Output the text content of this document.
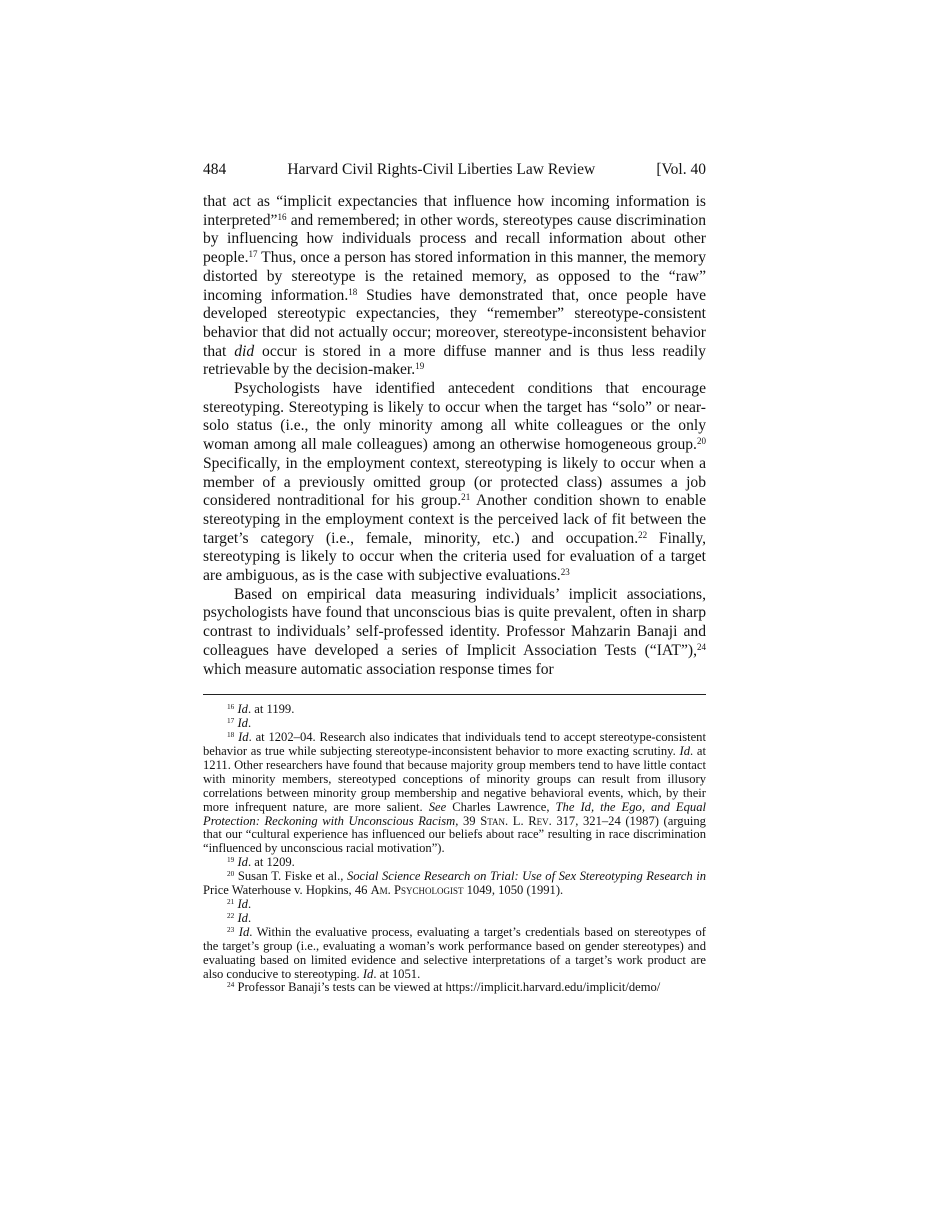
484	Harvard Civil Rights-Civil Liberties Law Review	[Vol. 40

that act as “implicit expectancies that influence how incoming information is interpreted”$^{16}$ and remembered; in other words, stereotypes cause discrimination by influencing how individuals process and recall information about other people.$^{17}$ Thus, once a person has stored information in this manner, the memory distorted by stereotype is the retained memory, as opposed to the “raw” incoming information.$^{18}$ Studies have demonstrated that, once people have developed stereotypic expectancies, they “remember” stereotype-consistent behavior that did not actually occur; moreover, stereotype-inconsistent behavior that did occur is stored in a more diffuse manner and is thus less readily retrievable by the decision-maker.$^{19}$

Psychologists have identified antecedent conditions that encourage stereotyping. Stereotyping is likely to occur when the target has “solo” or near-solo status (i.e., the only minority among all white colleagues or the only woman among all male colleagues) among an otherwise homogeneous group.$^{20}$ Specifically, in the employment context, stereotyping is likely to occur when a member of a previously omitted group (or protected class) assumes a job considered nontraditional for his group.$^{21}$ Another condition shown to enable stereotyping in the employment context is the perceived lack of fit between the target’s category (i.e., female, minority, etc.) and occupation.$^{22}$ Finally, stereotyping is likely to occur when the criteria used for evaluation of a target are ambiguous, as is the case with subjective evaluations.$^{23}$

Based on empirical data measuring individuals’ implicit associations, psychologists have found that unconscious bias is quite prevalent, often in sharp contrast to individuals’ self-professed identity. Professor Mahzarin Banaji and colleagues have developed a series of Implicit Association Tests (“IAT”),$^{24}$ which measure automatic association response times for

$^{16}$ Id. at 1199.

$^{17}$ Id.

$^{18}$ Id. at 1202–04. Research also indicates that individuals tend to accept stereotype-consistent behavior as true while subjecting stereotype-inconsistent behavior to more exacting scrutiny. Id. at 1211. Other researchers have found that because majority group members tend to have little contact with minority members, stereotyped conceptions of minority groups can result from illusory correlations between minority group membership and negative behavioral events, which, by their more infrequent nature, are more salient. See Charles Lawrence, The Id, the Ego, and Equal Protection: Reckoning with Unconscious Racism, 39 Stan. L. Rev. 317, 321–24 (1987) (arguing that our “cultural experience has influenced our beliefs about race” resulting in race discrimination “influenced by unconscious racial motivation”).

$^{19}$ Id. at 1209.

$^{20}$ Susan T. Fiske et al., Social Science Research on Trial: Use of Sex Stereotyping Research in Price Waterhouse v. Hopkins, 46 Am. Psychologist 1049, 1050 (1991).

$^{21}$ Id.

$^{22}$ Id.

$^{23}$ Id. Within the evaluative process, evaluating a target’s credentials based on stereotypes of the target’s group (i.e., evaluating a woman’s work performance based on gender stereotypes) and evaluating based on limited evidence and selective interpretations of a target’s work product are also conducive to stereotyping. Id. at 1051.

$^{24}$ Professor Banaji’s tests can be viewed at https://implicit.harvard.edu/implicit/demo/
